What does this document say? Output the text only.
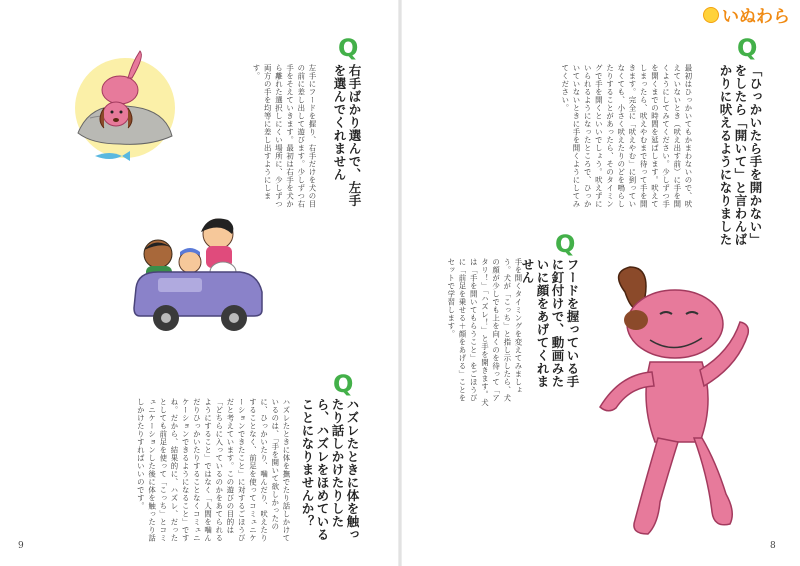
いぬわら
Q
「ひっかいたら手を開かない」をしたら「開いて」と言わんばかりに吠えるようになりました
最初はひっかいてもかまわないので、吠えていないとき（吠え出す前）に手を開くようにしてみてください。少しずつ手を開くまでの時間を延ばします。吠えてしまったら、吠えやむまで待って手を開きます。完全に「吠えやむ」に到っていなくても、小さく吠えたりのどを鳴らしたりすることがあったら、そのタイミングで手を開くといいでしょう。吠えずにいられるようになったところで、ひっかいていないときに手を開くようにしてみてください。
Q
フードを握っている手に釘付けで、動画みたいに顔をあげてくれません
手を開くタイミングを変えてみましょう。犬が「こっち」と指し示したら、犬の顔が少しでも上を向くのを待って「アタリ！」「ハズレ！」と手を開きます。犬は「手を開いてもらうこと」をごほうびに「前足を乗せる＋顔をあげる」ことをセットで学習します。
Q
右手ばかり選んで、左手を選んでくれません
左手にフードを握り、右手だけを犬の目の前に差し出して遊びます。少しずつ右手をそえていきます。最初は右手を犬から離れた選択しにくい場所に、少しずつ両方の手を均等に差し出すようにします。
Q
ハズレたときに体を触ったり話しかけたりしたら、ハズレをほめていることになりませんか？
ハズレたときに体を撫でたり話しかけているのは、「手を開いて欲しかったのに、ひっかいたり、噛んだり、吠えたりすることなく、前足を使ってコミュニケーションできたこと」に対するごほうびだと考えています。この遊びの目的は「どちらに入っているのかをあてられるようにすること」ではなく「人間を噛んだりひっかいたりすることなくコミュニケーションできるようになること」ですね。だから、結果的に、ハズレ、だったとしても前足を使って「こっち」とコミュニケーションした後に体を触ったり話しかけたりすればいいのです。
9	8
